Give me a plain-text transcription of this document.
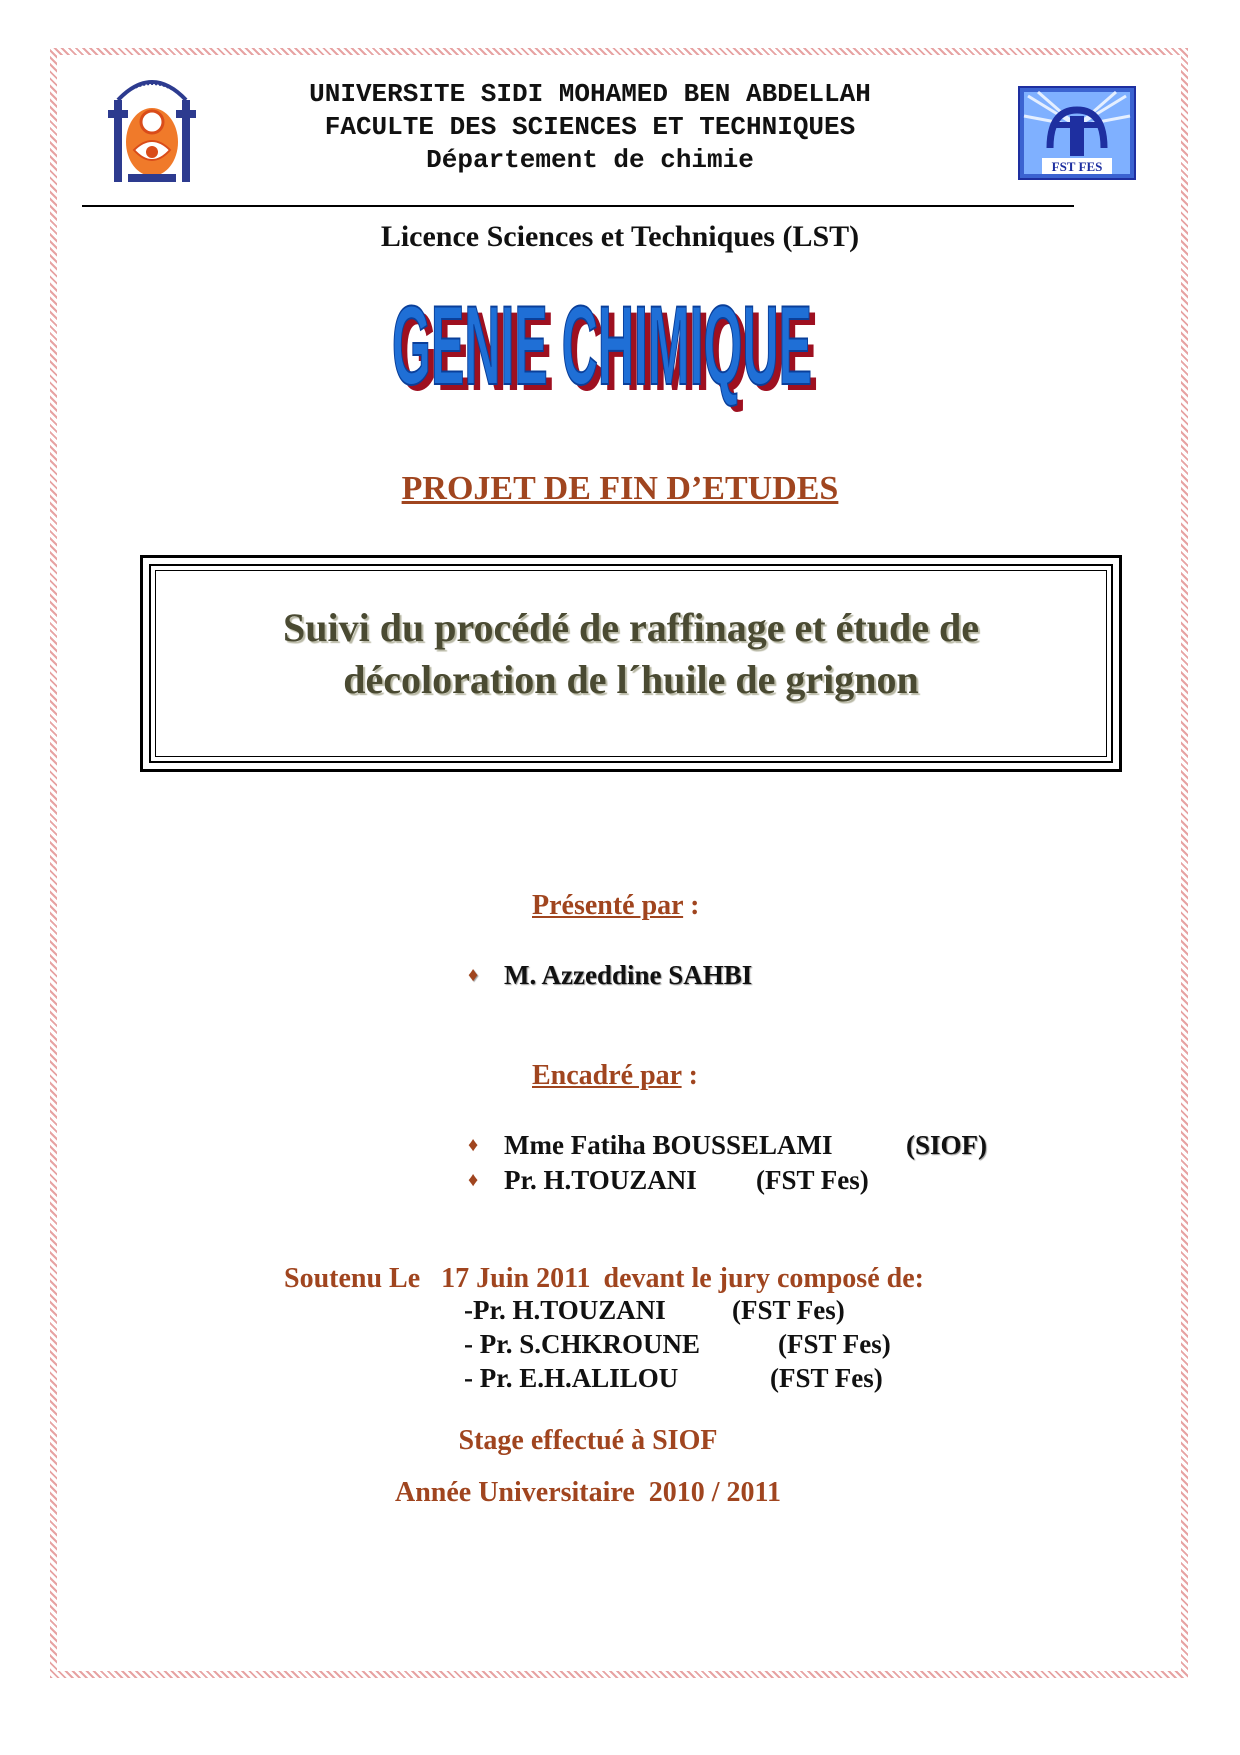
UNIVERSITE SIDI MOHAMED BEN ABDELLAH
FACULTE DES SCIENCES ET TECHNIQUES
Département de chimie	FST FES
Licence Sciences et Techniques (LST)
GENIE CHIMIQUE
GENIE CHIMIQUE
PROJET DE FIN D’ETUDES
Suivi du procédé de raffinage et étude de
décoloration de l´huile de grignon
Présenté par :
♦ M. Azzeddine SAHBI
Encadré par :
♦ Mme Fatiha BOUSSELAMI	(SIOF)
♦ Pr. H.TOUZANI (FST Fes)
Soutenu Le 17 Juin 2011 devant le jury composé de:
-Pr. H.TOUZANI (FST Fes)
- Pr. S.CHKROUNE	(FST Fes)
- Pr. E.H.ALILOU	(FST Fes)
Stage effectué à SIOF
Année Universitaire  2010 / 2011
